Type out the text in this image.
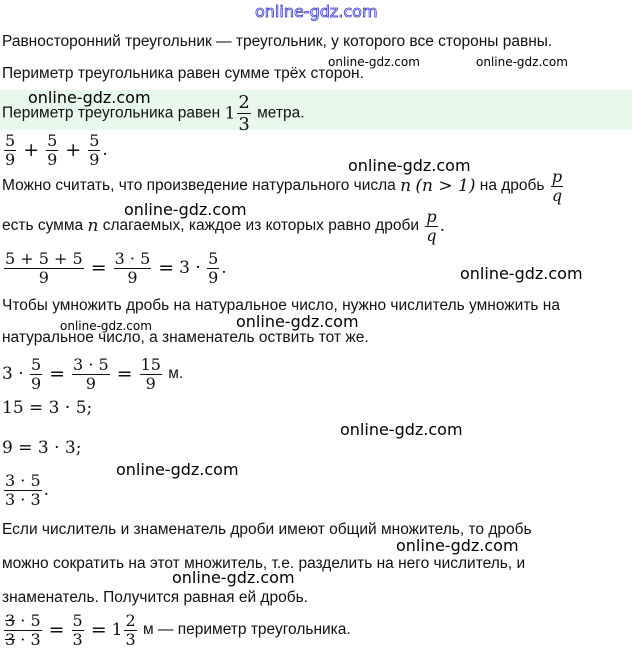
online-gdz.com
online-gdz.com	online-gdz.com
Равносторонний треугольник — треугольник, у которого все стороны равны.
Периметр треугольника равен сумме трёх сторон.
Периметр треугольника равен $1 \frac{2}{3}$ метра.
$\frac{5}{9} + \frac{5}{9} + \frac{5}{9}$ .
Можно считать, что произведение натурального числа n (n > 1) на дробь $\frac{p}{q}$
есть сумма n слагаемых, каждое из которых равно дроби $\frac{p}{q}$ .
$\frac{5 + 5 + 5}{9} = \frac{3 \cdot 5}{9} = 3 \cdot \frac{5}{9}$ .
Чтобы умножить дробь на натуральное число, нужно числитель умножить на
натуральное число, а знаменатель оствить тот же.
$3 \cdot \frac{5}{9} = \frac{3 \cdot 5}{9} = \frac{15}{9} м$.
15 = 3 · 5;
9 = 3 · 3;
$\frac{3 \cdot 5}{3 \cdot 3}$ .
Если числитель и знаменатель дроби имеют общий множитель, то дробь
можно сократить на этот множитель, т.е. разделить на него числитель, и
знаменатель. Получится равная ей дробь.
$\frac{3 \cdot 5}{3 \cdot 3} = \frac{5}{3} = 1 \frac{2}{3}$ м — периметр треугольника.
online-gdz.com
online-gdz.com
online-gdz.com
online-gdz.com
online-gdz.com	online-gdz.com
online-gdz.com
online-gdz.com
online-gdz.com
online-gdz.com
